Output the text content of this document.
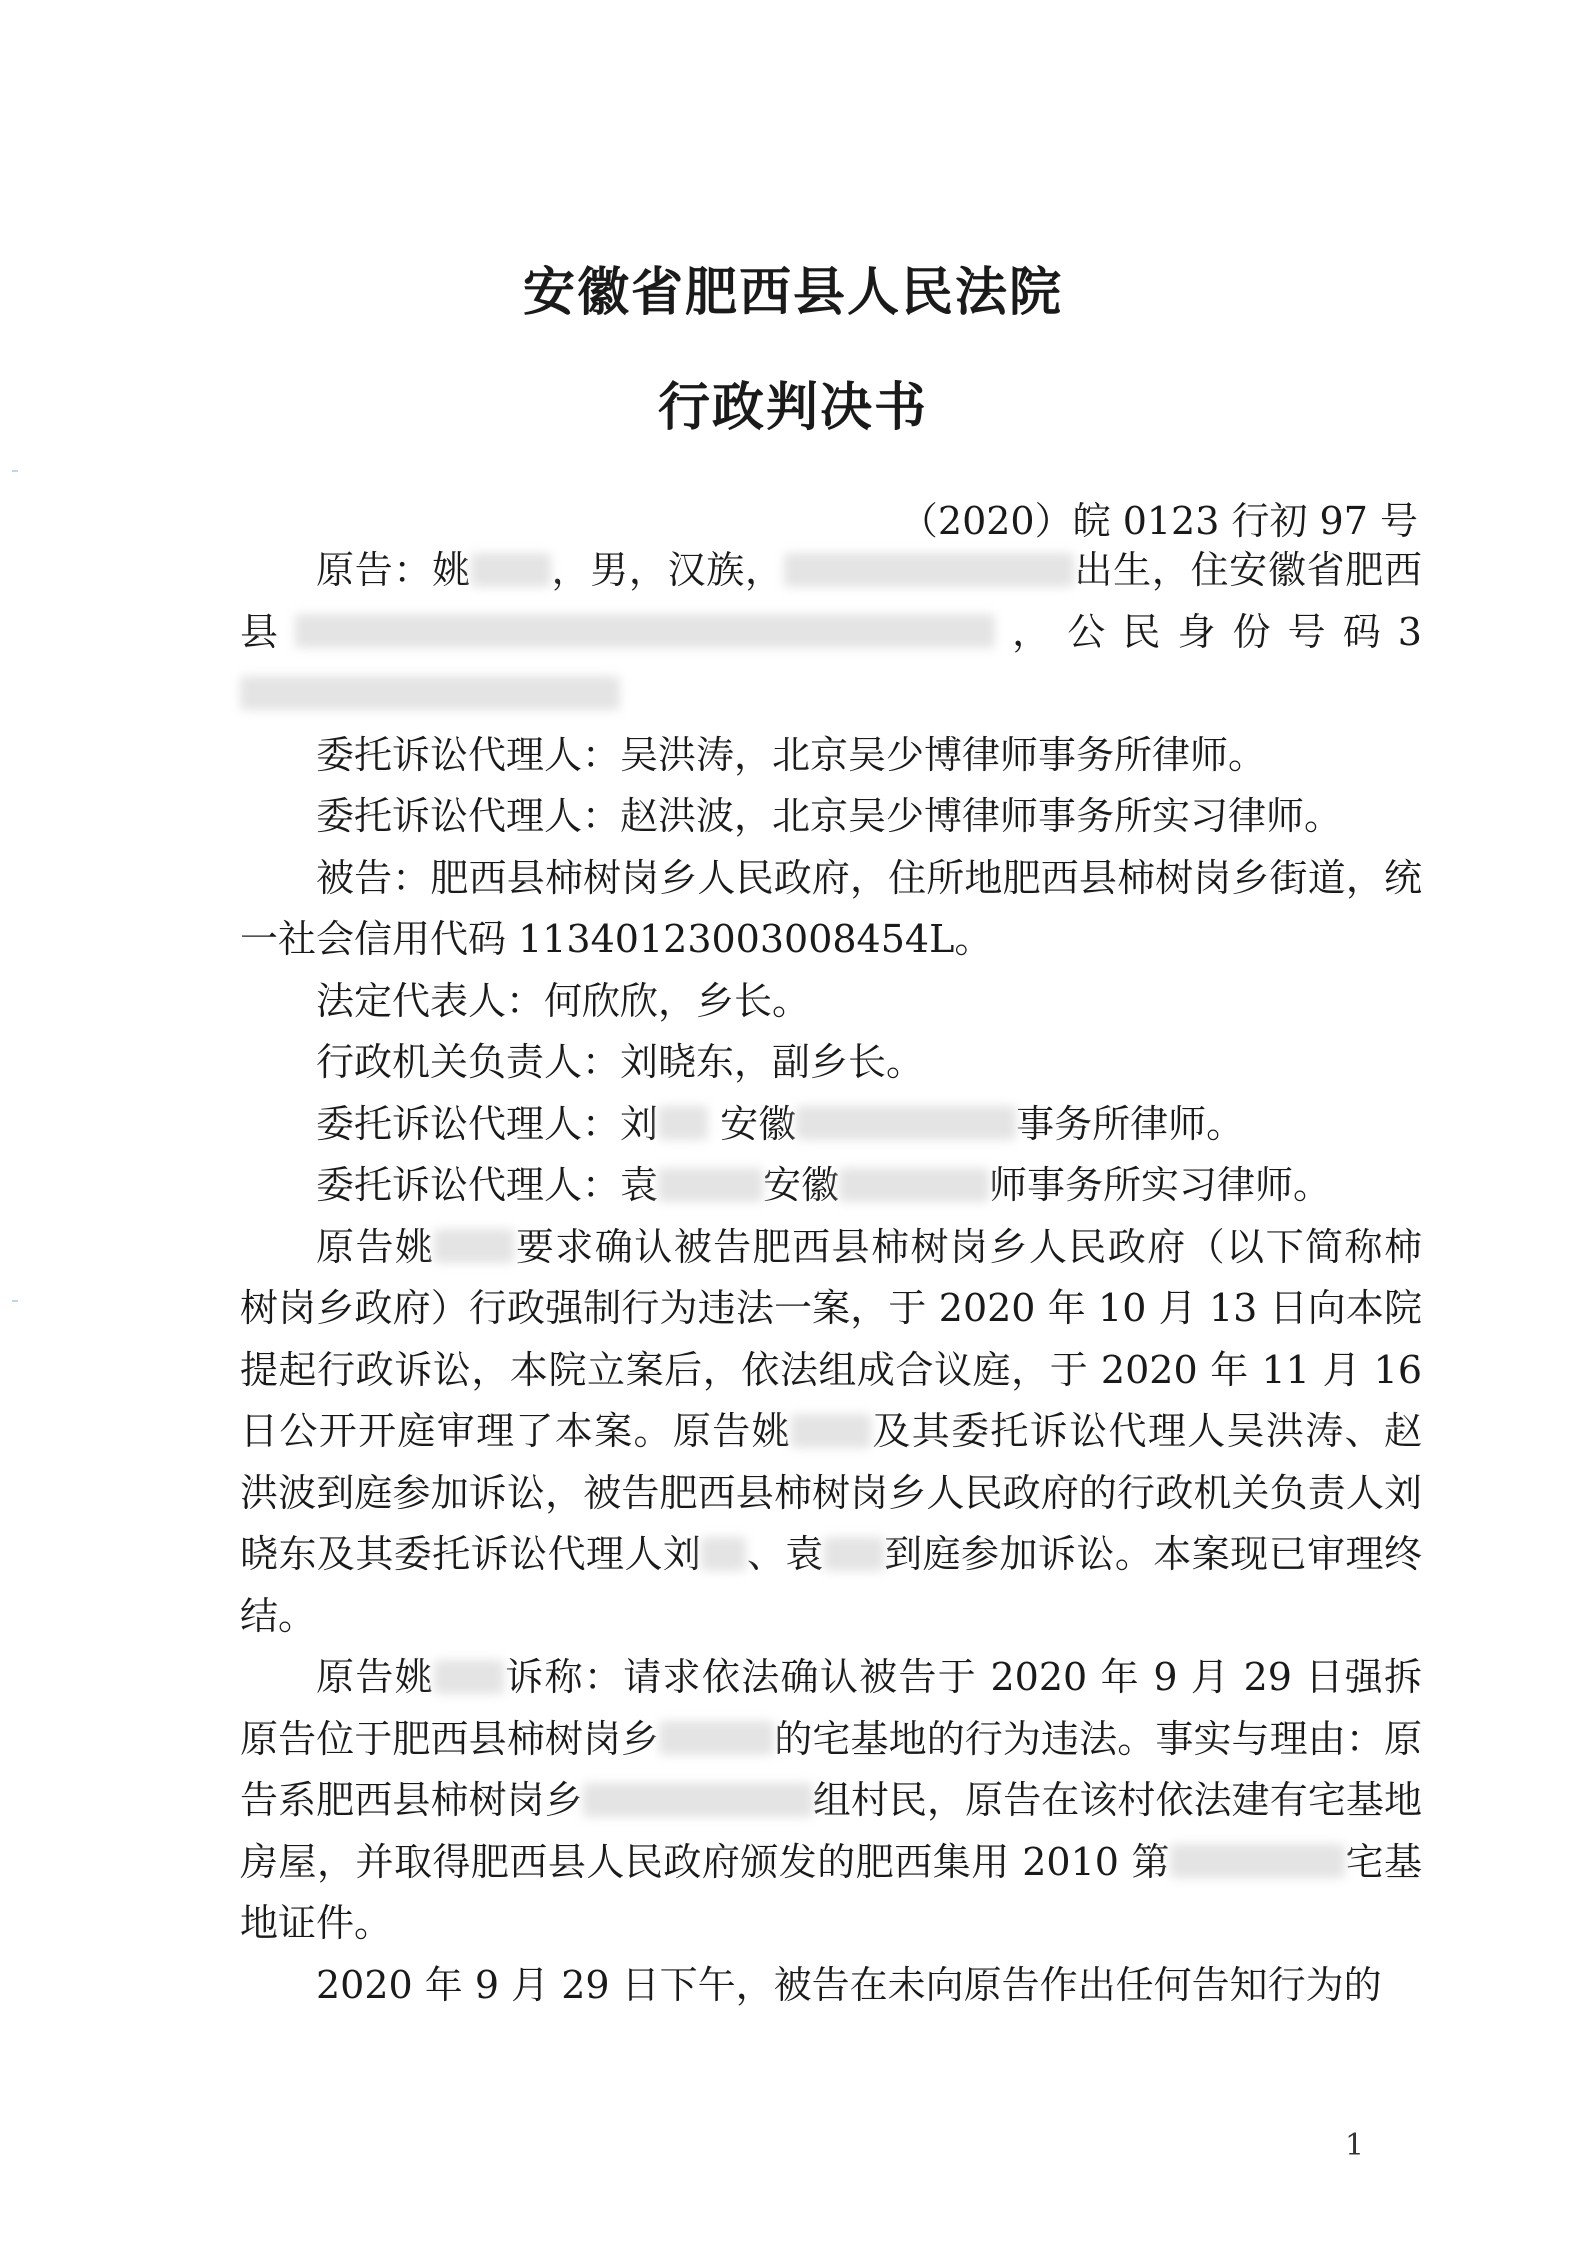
安徽省肥西县人民法院
行政判决书
（2020）皖 0123 行初 97 号

原告：姚 ，男，汉族，	出生，住安徽省肥西县	，公民身份号码3

委托诉讼代理人：吴洪涛，北京吴少博律师事务所律师。

委托诉讼代理人：赵洪波，北京吴少博律师事务所实习律师。

被告：肥西县柿树岗乡人民政府，住所地肥西县柿树岗乡街道，统一社会信用代码 11340123003008454L。

法定代表人：何欣欣，乡长。

行政机关负责人：刘晓东，副乡长。

委托诉讼代理人：刘 安徽	事务所律师。

委托诉讼代理人：袁	安徽	师事务所实习律师。

原告姚 要求确认被告肥西县柿树岗乡人民政府（以下简称柿树岗乡政府）行政强制行为违法一案，于 2020 年 10 月 13 日向本院提起行政诉讼，本院立案后，依法组成合议庭，于 2020 年 11 月 16 日公开开庭审理了本案。原告姚 及其委托诉讼代理人吴洪涛、赵洪波到庭参加诉讼，被告肥西县柿树岗乡人民政府的行政机关负责人刘晓东及其委托诉讼代理人刘 、袁 到庭参加诉讼。本案现已审理终结。

原告姚 诉称：请求依法确认被告于 2020 年 9 月 29 日强拆原告位于肥西县柿树岗乡	的宅基地的行为违法。事实与理由：原告系肥西县柿树岗乡	组村民，原告在该村依法建有宅基地房屋，并取得肥西县人民政府颁发的肥西集用 2010 第	宅基地证件。

2020 年 9 月 29 日下午，被告在未向原告作出任何告知行为的

1
